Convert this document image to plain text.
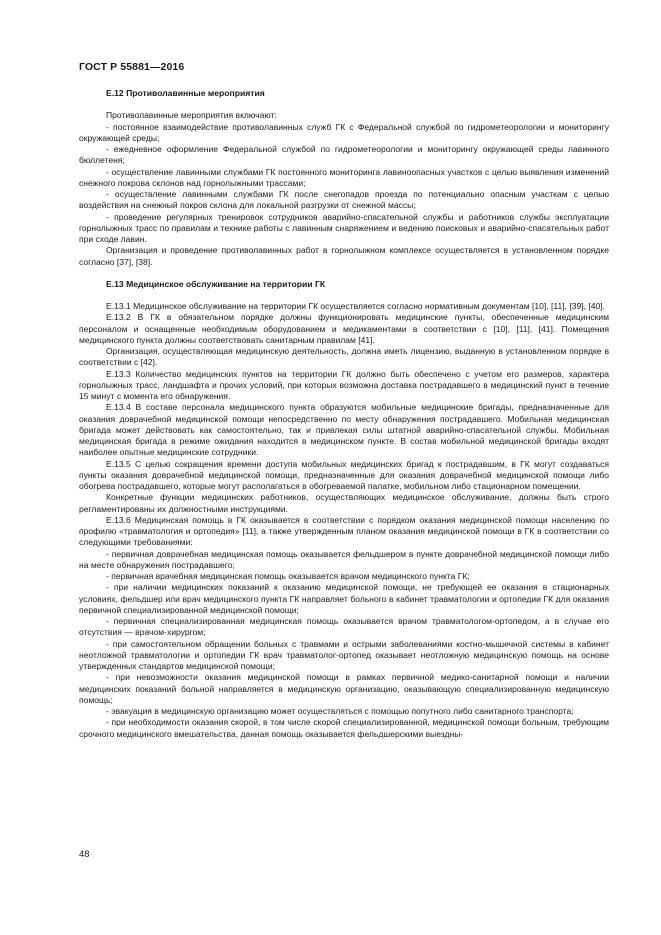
ГОСТ Р 55881—2016
Е.12 Противолавинные мероприятия

Противолавинные мероприятия включают:

- постоянное взаимодействие противолавинных служб ГК с Федеральной службой по гидрометеорологии и мониторингу окружающей среды;

- ежедневное оформление Федеральной службой по гидрометеорологии и мониторингу окружающей среды лавинного бюллетеня;

- осуществление лавинными службами ГК постоянного мониторинга лавиноопасных участков с целью выявления изменений снежного покрова склонов над горнолыжными трассами;

- осуществление лавинными службами ГК после снегопадов проезда по потенциально опасным участкам с целью воздействия на снежный покров склона для локальной разгрузки от снежной массы;

- проведение регулярных тренировок сотрудников аварийно-спасательной службы и работников службы эксплуатации горнолыжных трасс по правилам и технике работы с лавинным снаряжением и ведению поисковых и аварийно-спасательных работ при сходе лавин.

Организация и проведение противолавинных работ в горнолыжном комплексе осуществляется в установленном порядке согласно [37], [38].

Е.13 Медицинское обслуживание на территории ГК

Е.13.1 Медицинское обслуживание на территории ГК осуществляется согласно нормативным документам [10], [11], [39], [40].

Е.13.2 В ГК в обязательном порядке должны функционировать медицинские пункты, обеспеченные медицинским персоналом и оснащенные необходимым оборудованием и медикаментами в соответствии с [10], [11], [41]. Помещения медицинского пункта должны соответствовать санитарным правилам [41].

Организация, осуществляющая медицинскую деятельность, должна иметь лицензию, выданную в установленном порядке в соответствии с [42].

Е.13.3 Количество медицинских пунктов на территории ГК должно быть обеспечено с учетом его размеров, характера горнолыжных трасс, ландшафта и прочих условий, при которых возможна доставка пострадавшего в медицинский пункт в течение 15 минут с момента его обнаружения.

Е.13.4 В составе персонала медицинского пункта образуются мобильные медицинские бригады, предназначенные для оказания доврачебной медицинской помощи непосредственно по месту обнаружения пострадавшего. Мобильная медицинская бригада может действовать как самостоятельно, так и привлекая силы штатной аварийно-спасательной службы. Мобильная медицинская бригада в режиме ожидания находится в медицинском пункте. В состав мобильной медицинской бригады входят наиболее опытные медицинские сотрудники.

Е.13.5 С целью сокращения времени доступа мобильных медицинских бригад к пострадавшим, в ГК могут создаваться пункты оказания доврачебной медицинской помощи, предназначенные для оказания доврачебной медицинской помощи либо обогрева пострадавшего, которые могут располагаться в обогреваемой палатке, мобильном либо стационарном помещении.

Конкретные функции медицинских работников, осуществляющих медицинское обслуживание, должны быть строго регламентированы их должностными инструкциями.

Е.13.6 Медицинская помощь в ГК оказывается в соответствии с порядком оказания медицинской помощи населению по профилю «травматология и ортопедия» [11], а также утвержденным планом оказания медицинской помощи в ГК в соответствии со следующими требованиями:

- первичная доврачебная медицинская помощь оказывается фельдшером в пункте доврачебной медицинской помощи либо на месте обнаружения пострадавшего;

- первичная врачебная медицинская помощь оказывается врачом медицинского пункта ГК;

- при наличии медицинских показаний к оказанию медицинской помощи, не требующей ее оказания в стационарных условиях, фельдшер или врач медицинского пункта ГК направляет больного в кабинет травматологии и ортопедии ГК для оказания первичной специализированной медицинской помощи;

- первичная специализированная медицинская помощь оказывается врачом травматологом-ортопедом, а в случае его отсутствия — врачом-хирургом;

- при самостоятельном обращении больных с травмами и острыми заболеваниями костно-мышечной системы в кабинет неотложной травматологии и ортопедии ГК врач травматолог-ортопед оказывает неотложную медицинскую помощь на основе утвержденных стандартов медицинской помощи;

- при невозможности оказания медицинской помощи в рамках первичной медико-санитарной помощи и наличии медицинских показаний больной направляется в медицинскую организацию, оказывающую специализированную медицинскую помощь;

- эвакуация в медицинскую организацию может осуществляться с помощью попутного либо санитарного транспорта;

- при необходимости оказания скорой, в том числе скорой специализированной, медицинской помощи больным, требующим срочного медицинского вмешательства, данная помощь оказывается фельдшерскими выездны-

48
